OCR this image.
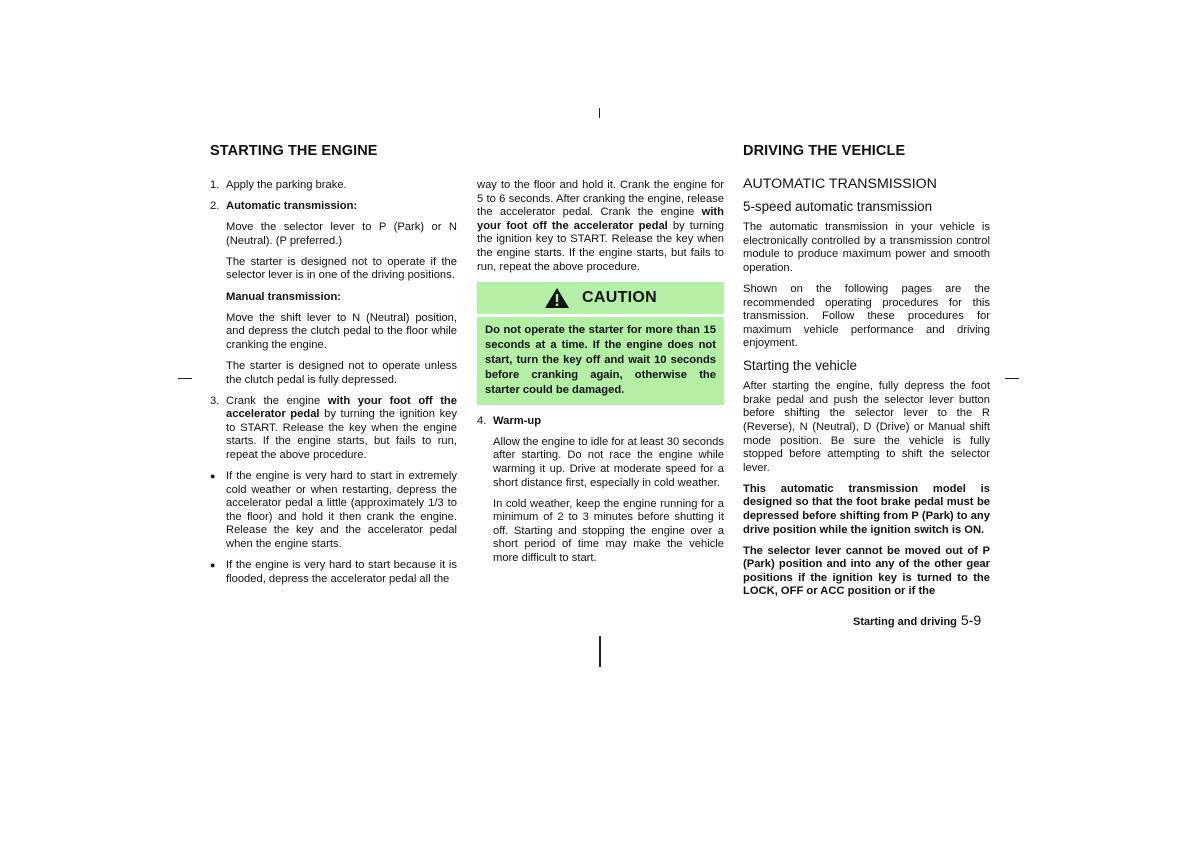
STARTING THE ENGINE	DRIVING THE VEHICLE
1. Apply the parking brake.
2. Automatic transmission:

Move the selector lever to P (Park) or N (Neutral). (P preferred.)

The starter is designed not to operate if the selector lever is in one of the driving positions.

Manual transmission:

Move the shift lever to N (Neutral) position, and depress the clutch pedal to the floor while cranking the engine.

The starter is designed not to operate unless the clutch pedal is fully depressed.

3. Crank the engine with your foot off the accelerator pedal by turning the ignition key to START. Release the key when the engine starts. If the engine starts, but fails to run, repeat the above procedure.
● If the engine is very hard to start in extremely cold weather or when restarting, depress the accelerator pedal a little (approximately 1/3 to the floor) and hold it then crank the engine. Release the key and the accelerator pedal when the engine starts.
● If the engine is very hard to start because it is flooded, depress the accelerator pedal all the

way to the floor and hold it. Crank the engine for 5 to 6 seconds. After cranking the engine, release the accelerator pedal. Crank the engine with your foot off the accelerator pedal by turning the ignition key to START. Release the key when the engine starts. If the engine starts, but fails to run, repeat the above procedure.

CAUTION
Do not operate the starter for more than 15 seconds at a time. If the engine does not start, turn the key off and wait 10 seconds before cranking again, otherwise the starter could be damaged.
4. Warm-up

Allow the engine to idle for at least 30 seconds after starting. Do not race the engine while warming it up. Drive at moderate speed for a short distance first, especially in cold weather.

In cold weather, keep the engine running for a minimum of 2 to 3 minutes before shutting it off. Starting and stopping the engine over a short period of time may make the vehicle more difficult to start.

AUTOMATIC TRANSMISSION
5-speed automatic transmission

The automatic transmission in your vehicle is electronically controlled by a transmission control module to produce maximum power and smooth operation.

Shown on the following pages are the recommended operating procedures for this transmission. Follow these procedures for maximum vehicle performance and driving enjoyment.

Starting the vehicle

After starting the engine, fully depress the foot brake pedal and push the selector lever button before shifting the selector lever to the R (Reverse), N (Neutral), D (Drive) or Manual shift mode position. Be sure the vehicle is fully stopped before attempting to shift the selector lever.

This automatic transmission model is designed so that the foot brake pedal must be depressed before shifting from P (Park) to any drive position while the ignition switch is ON.

The selector lever cannot be moved out of P (Park) position and into any of the other gear positions if the ignition key is turned to the LOCK, OFF or ACC position or if the

Starting and driving 5-9
